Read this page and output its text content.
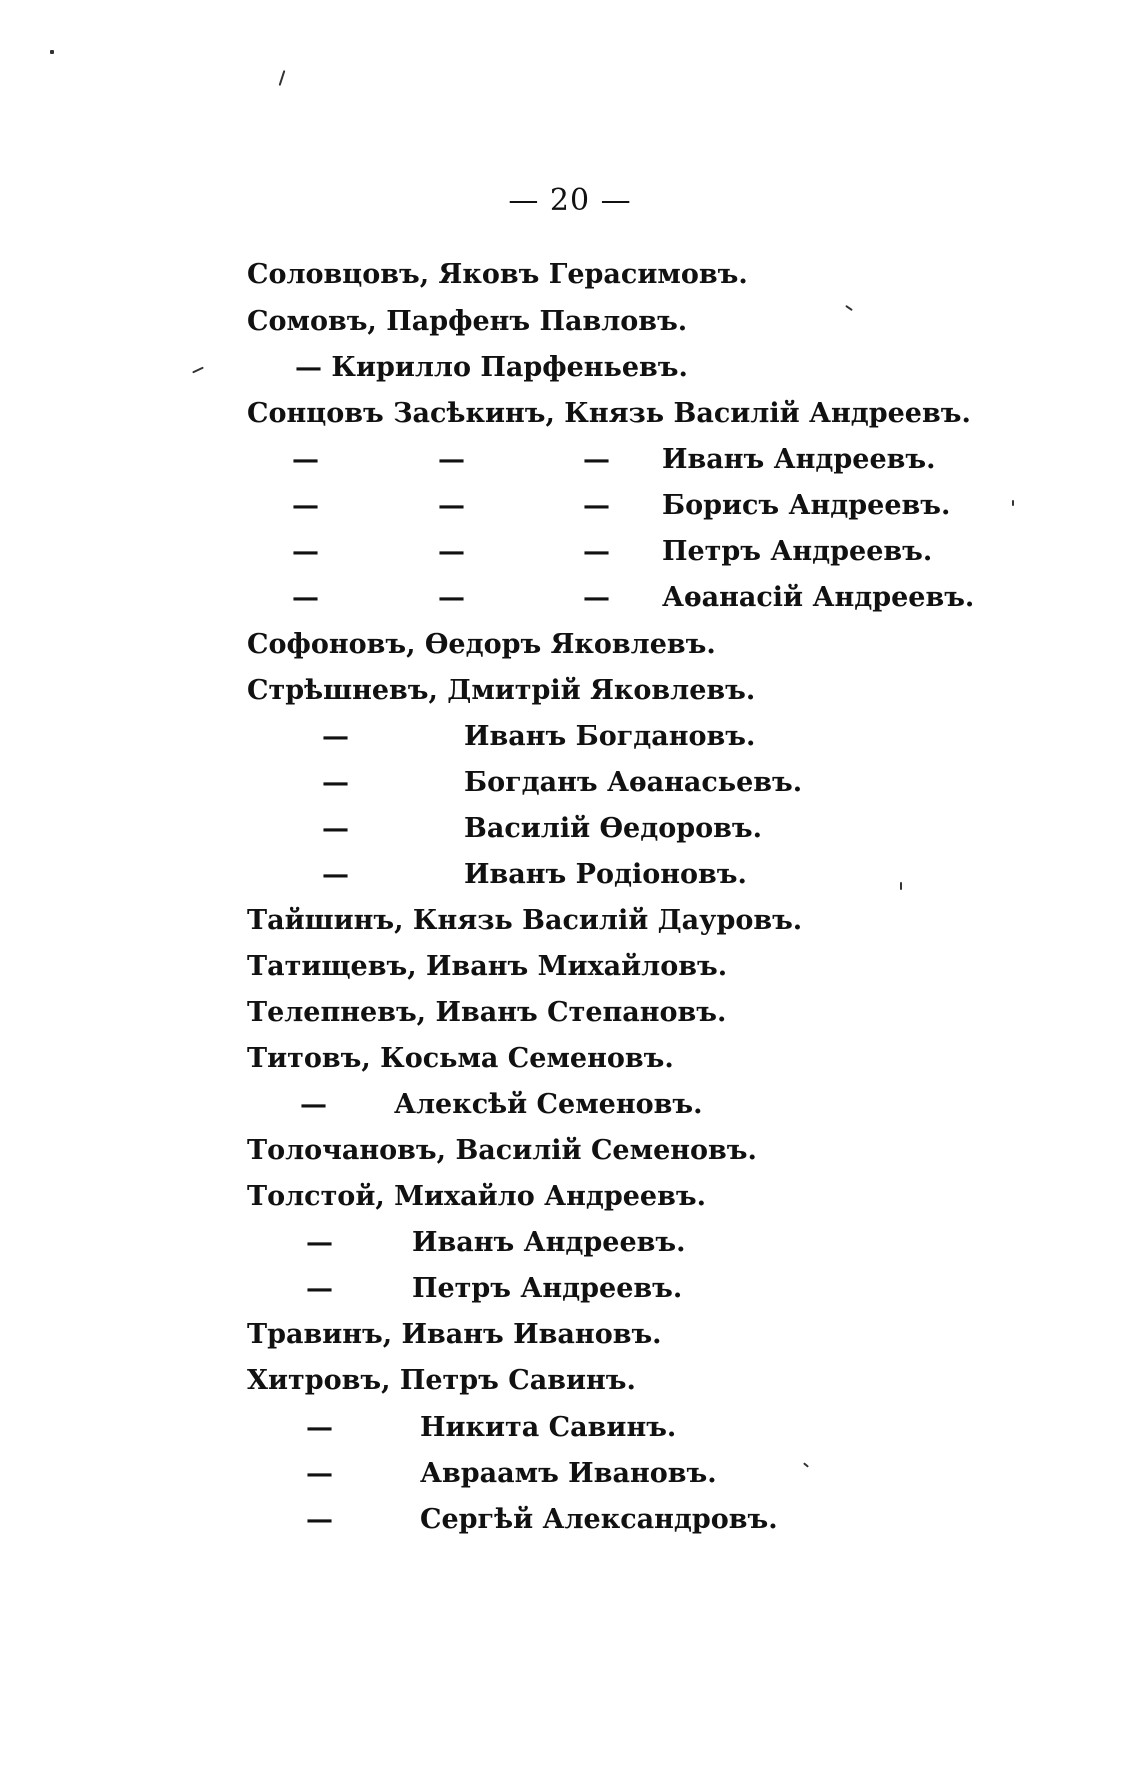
— 20 —
Соловцовъ, Яковъ Герасимовъ.
Сомовъ, Парфенъ Павловъ.
— Кирилло Парфеньевъ.
Сонцовъ Засѣкинъ, Князь Василій Андреевъ.
—	—	— Иванъ Андреевъ.
—	—	— Борисъ Андреевъ.
—	—	— Петръ Андреевъ.
—	—	— Аѳанасій Андреевъ.
Софоновъ, Ѳедоръ Яковлевъ.
Стрѣшневъ, Дмитрій Яковлевъ.
—	Иванъ Богдановъ.
—	Богданъ Аѳанасьевъ.
—	Василій Ѳедоровъ.
—	Иванъ Родіоновъ.
Тайшинъ, Князь Василій Дауровъ.
Татищевъ, Иванъ Михайловъ.
Телепневъ, Иванъ Степановъ.
Титовъ, Косьма Семеновъ.
— Алексѣй Семеновъ.
Толочановъ, Василій Семеновъ.
Толстой, Михайло Андреевъ.
—	Иванъ Андреевъ.
—	Петръ Андреевъ.
Травинъ, Иванъ Ивановъ.
Хитровъ, Петръ Савинъ.
—	Никита Савинъ.
—	Авраамъ Ивановъ.
—	Сергѣй Александровъ.
